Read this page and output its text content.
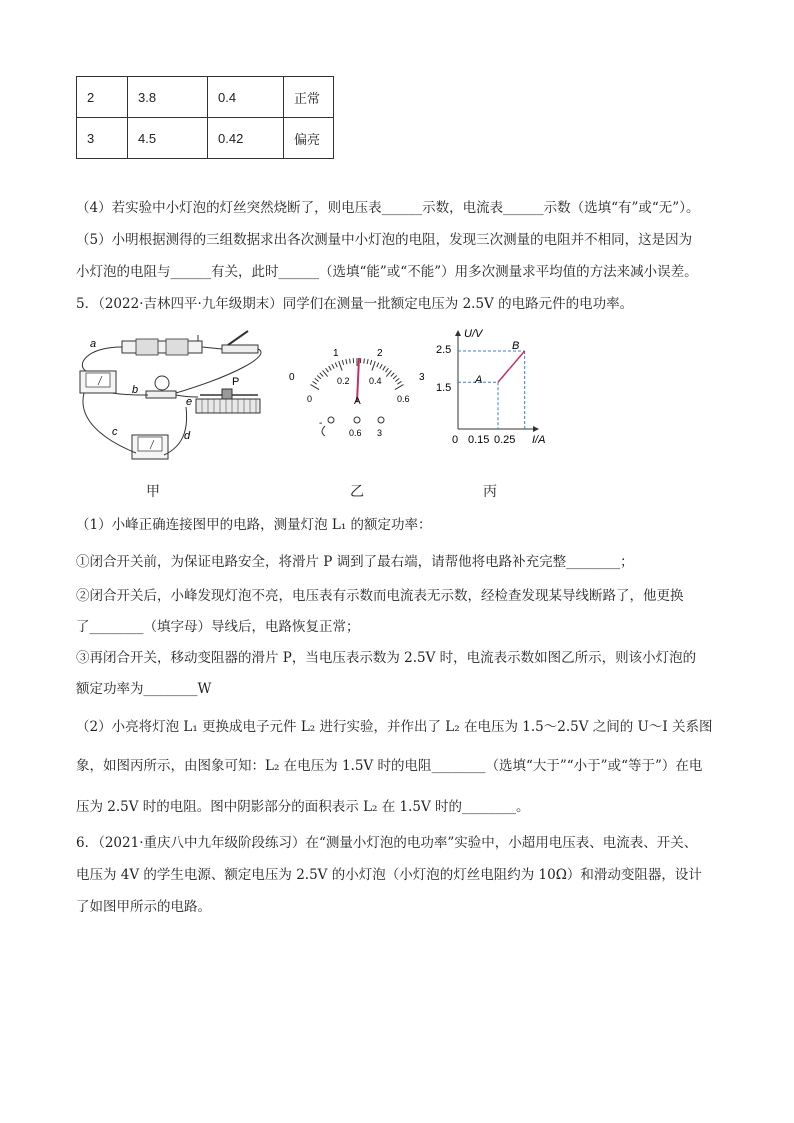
2	3.8	0.4	正常
3	4.5	0.42	偏亮
（4）若实验中小灯泡的灯丝突然烧断了，则电压表______示数，电流表______示数（选填“有”或“无”）。
（5）小明根据测得的三组数据求出各次测量中小灯泡的电阻，发现三次测量的电阻并不相同，这是因为
小灯泡的电阻与______有关，此时______（选填“能”或“不能”）用多次测量求平均值的方法来减小误差。
5．（2022·吉林四平·九年级期末）同学们在测量一批额定电压为 2.5V 的电路元件的电功率。
a
b
c	d
e
P
甲
0
1	2
3
0
0.2 0.4
0.6
A
-
0.6 3
乙
U/V
I/A
2.5
1.5
0 0.15 0.25
A
B
丙
（1）小峰正确连接图甲的电路，测量灯泡 L₁ 的额定功率：
①闭合开关前，为保证电路安全，将滑片 P 调到了最右端，请帮他将电路补充完整________；
②闭合开关后，小峰发现灯泡不亮，电压表有示数而电流表无示数，经检查发现某导线断路了，他更换
了________（填字母）导线后，电路恢复正常；
③再闭合开关，移动变阻器的滑片 P，当电压表示数为 2.5V 时，电流表示数如图乙所示，则该小灯泡的
额定功率为________W
（2）小亮将灯泡 L₁ 更换成电子元件 L₂ 进行实验，并作出了 L₂ 在电压为 1.5～2.5V 之间的 U～I 关系图
象，如图丙所示，由图象可知：L₂ 在电压为 1.5V 时的电阻________（选填“大于”“小于”或“等于”）在电
压为 2.5V 时的电阻。图中阴影部分的面积表示 L₂ 在 1.5V 时的________。
6．（2021·重庆八中九年级阶段练习）在“测量小灯泡的电功率”实验中，小超用电压表、电流表、开关、
电压为 4V 的学生电源、额定电压为 2.5V 的小灯泡（小灯泡的灯丝电阻约为 10Ω）和滑动变阻器，设计
了如图甲所示的电路。
